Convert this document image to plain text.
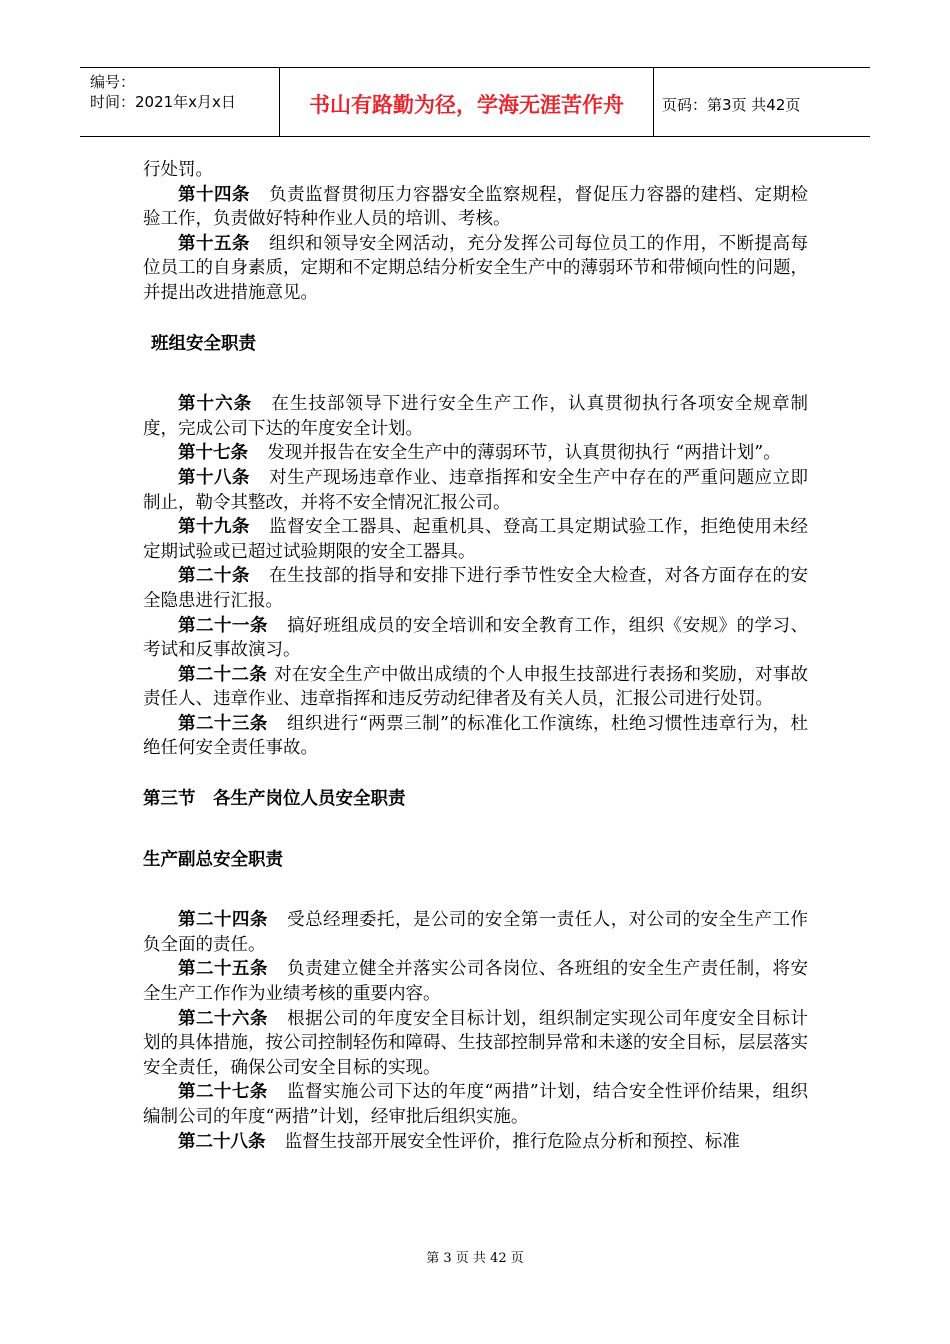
编号：
时间：2021年x月x日	书山有路勤为径，学海无涯苦作舟	页码：第3页 共42页

行处罚。

第十四条 负责监督贯彻压力容器安全监察规程，督促压力容器的建档、定期检验工作，负责做好特种作业人员的培训、考核。

第十五条 组织和领导安全网活动，充分发挥公司每位员工的作用，不断提高每位员工的自身素质，定期和不定期总结分析安全生产中的薄弱环节和带倾向性的问题，并提出改进措施意见。

班组安全职责

第十六条 在生技部领导下进行安全生产工作，认真贯彻执行各项安全规章制度，完成公司下达的年度安全计划。

第十七条 发现并报告在安全生产中的薄弱环节，认真贯彻执行 “两措计划”。

第十八条 对生产现场违章作业、违章指挥和安全生产中存在的严重问题应立即制止，勒令其整改，并将不安全情况汇报公司。

第十九条 监督安全工器具、起重机具、登高工具定期试验工作，拒绝使用未经定期试验或已超过试验期限的安全工器具。

第二十条 在生技部的指导和安排下进行季节性安全大检查，对各方面存在的安全隐患进行汇报。

第二十一条 搞好班组成员的安全培训和安全教育工作，组织《安规》的学习、考试和反事故演习。

第二十二条 对在安全生产中做出成绩的个人申报生技部进行表扬和奖励，对事故责任人、违章作业、违章指挥和违反劳动纪律者及有关人员，汇报公司进行处罚。

第二十三条 组织进行“两票三制”的标准化工作演练，杜绝习惯性违章行为，杜绝任何安全责任事故。

第三节　各生产岗位人员安全职责

生产副总安全职责

第二十四条 受总经理委托，是公司的安全第一责任人，对公司的安全生产工作负全面的责任。

第二十五条 负责建立健全并落实公司各岗位、各班组的安全生产责任制，将安全生产工作作为业绩考核的重要内容。

第二十六条 根据公司的年度安全目标计划，组织制定实现公司年度安全目标计划的具体措施，按公司控制轻伤和障碍、生技部控制异常和未遂的安全目标，层层落实安全责任，确保公司安全目标的实现。

第二十七条 监督实施公司下达的年度“两措”计划，结合安全性评价结果，组织编制公司的年度“两措”计划，经审批后组织实施。

第二十八条 监督生技部开展安全性评价，推行危险点分析和预控、标准

第 3 页 共 42 页
